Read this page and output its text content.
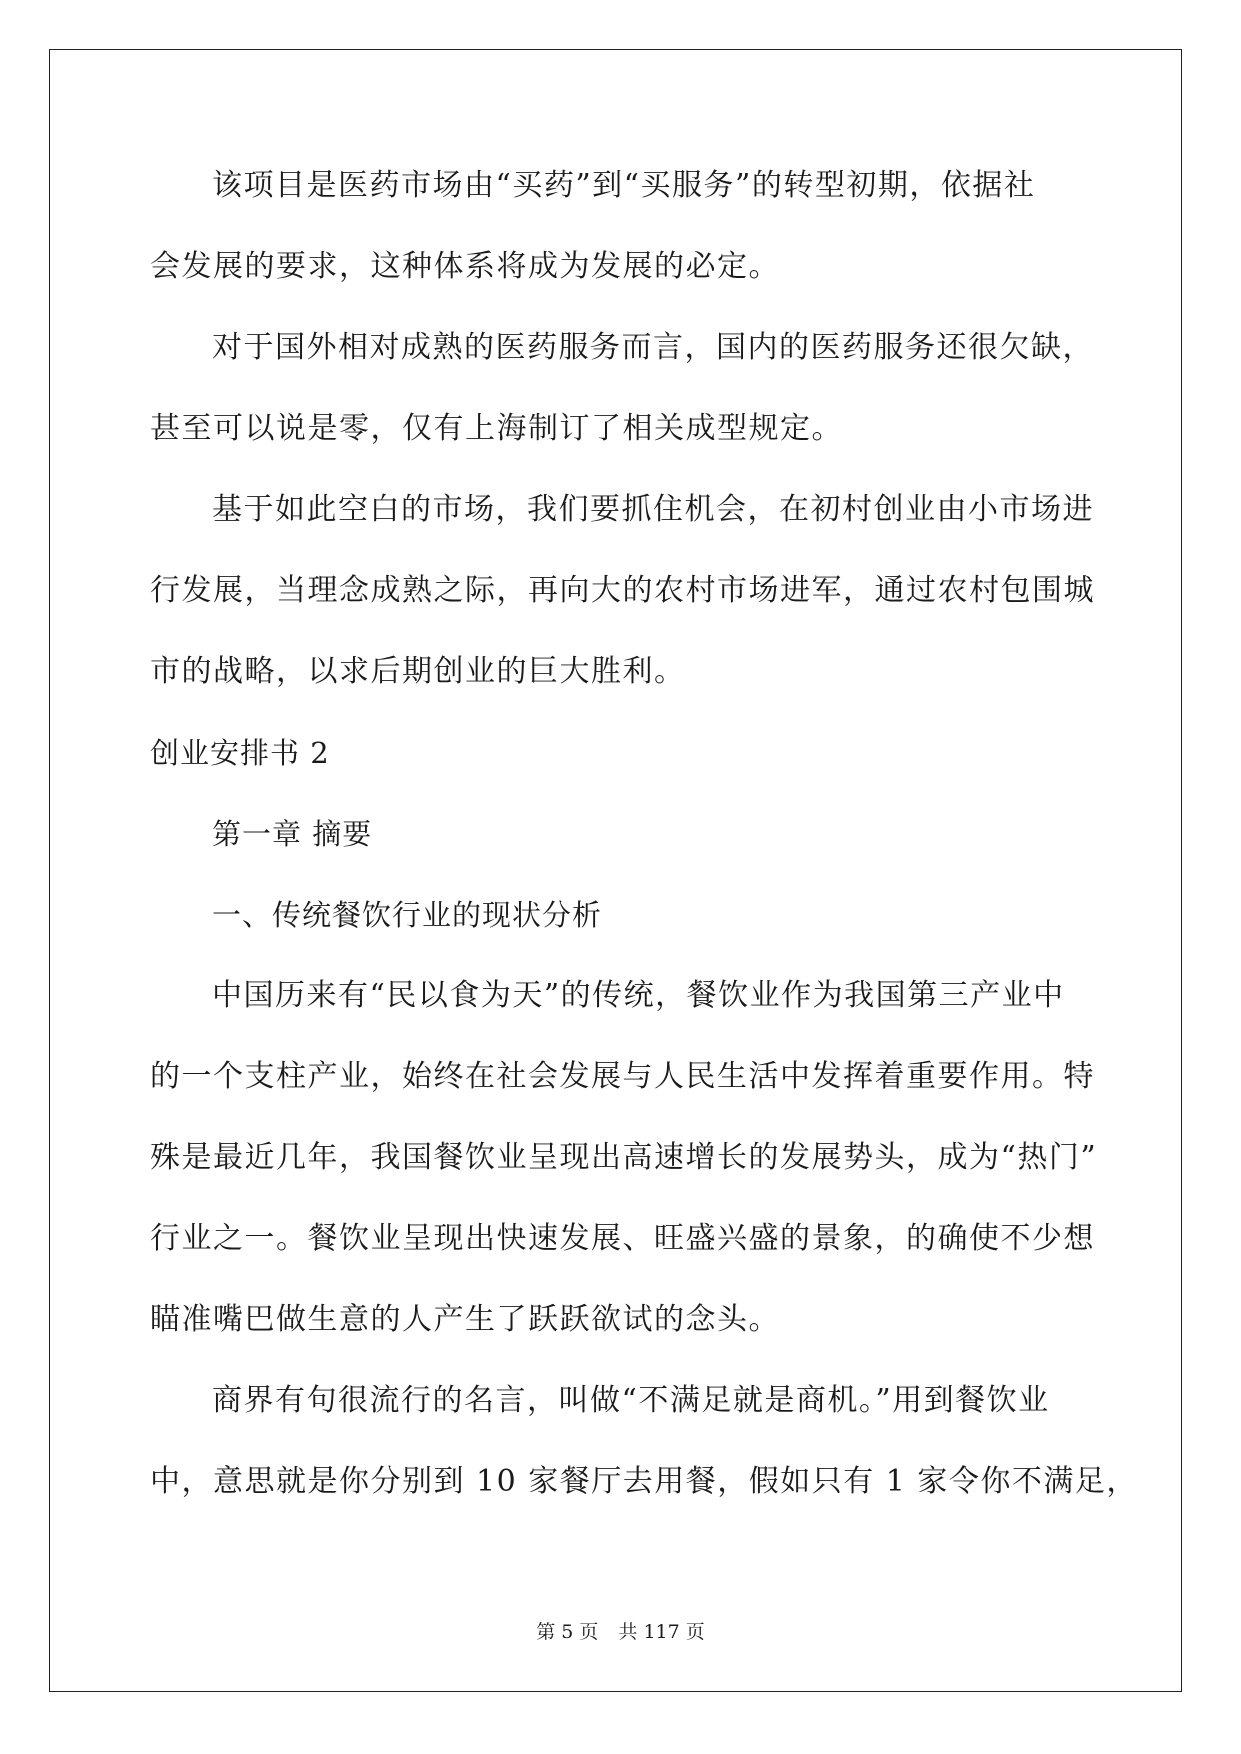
该项目是医药市场由“买药”到“买服务”的转型初期，依据社
会发展的要求，这种体系将成为发展的必定。
对于国外相对成熟的医药服务而言，国内的医药服务还很欠缺，
甚至可以说是零，仅有上海制订了相关成型规定。
基于如此空白的市场，我们要抓住机会，在初村创业由小市场进
行发展，当理念成熟之际，再向大的农村市场进军，通过农村包围城
市的战略，以求后期创业的巨大胜利。
创业安排书 2
第一章 摘要
一、传统餐饮行业的现状分析
中国历来有“民以食为天”的传统，餐饮业作为我国第三产业中
的一个支柱产业，始终在社会发展与人民生活中发挥着重要作用。特
殊是最近几年，我国餐饮业呈现出高速增长的发展势头，成为“热门”
行业之一。餐饮业呈现出快速发展、旺盛兴盛的景象，的确使不少想
瞄准嘴巴做生意的人产生了跃跃欲试的念头。
商界有句很流行的名言，叫做“不满足就是商机。”用到餐饮业
中，意思就是你分别到 10 家餐厅去用餐，假如只有 1 家令你不满足，
第 5 页 共 117 页
